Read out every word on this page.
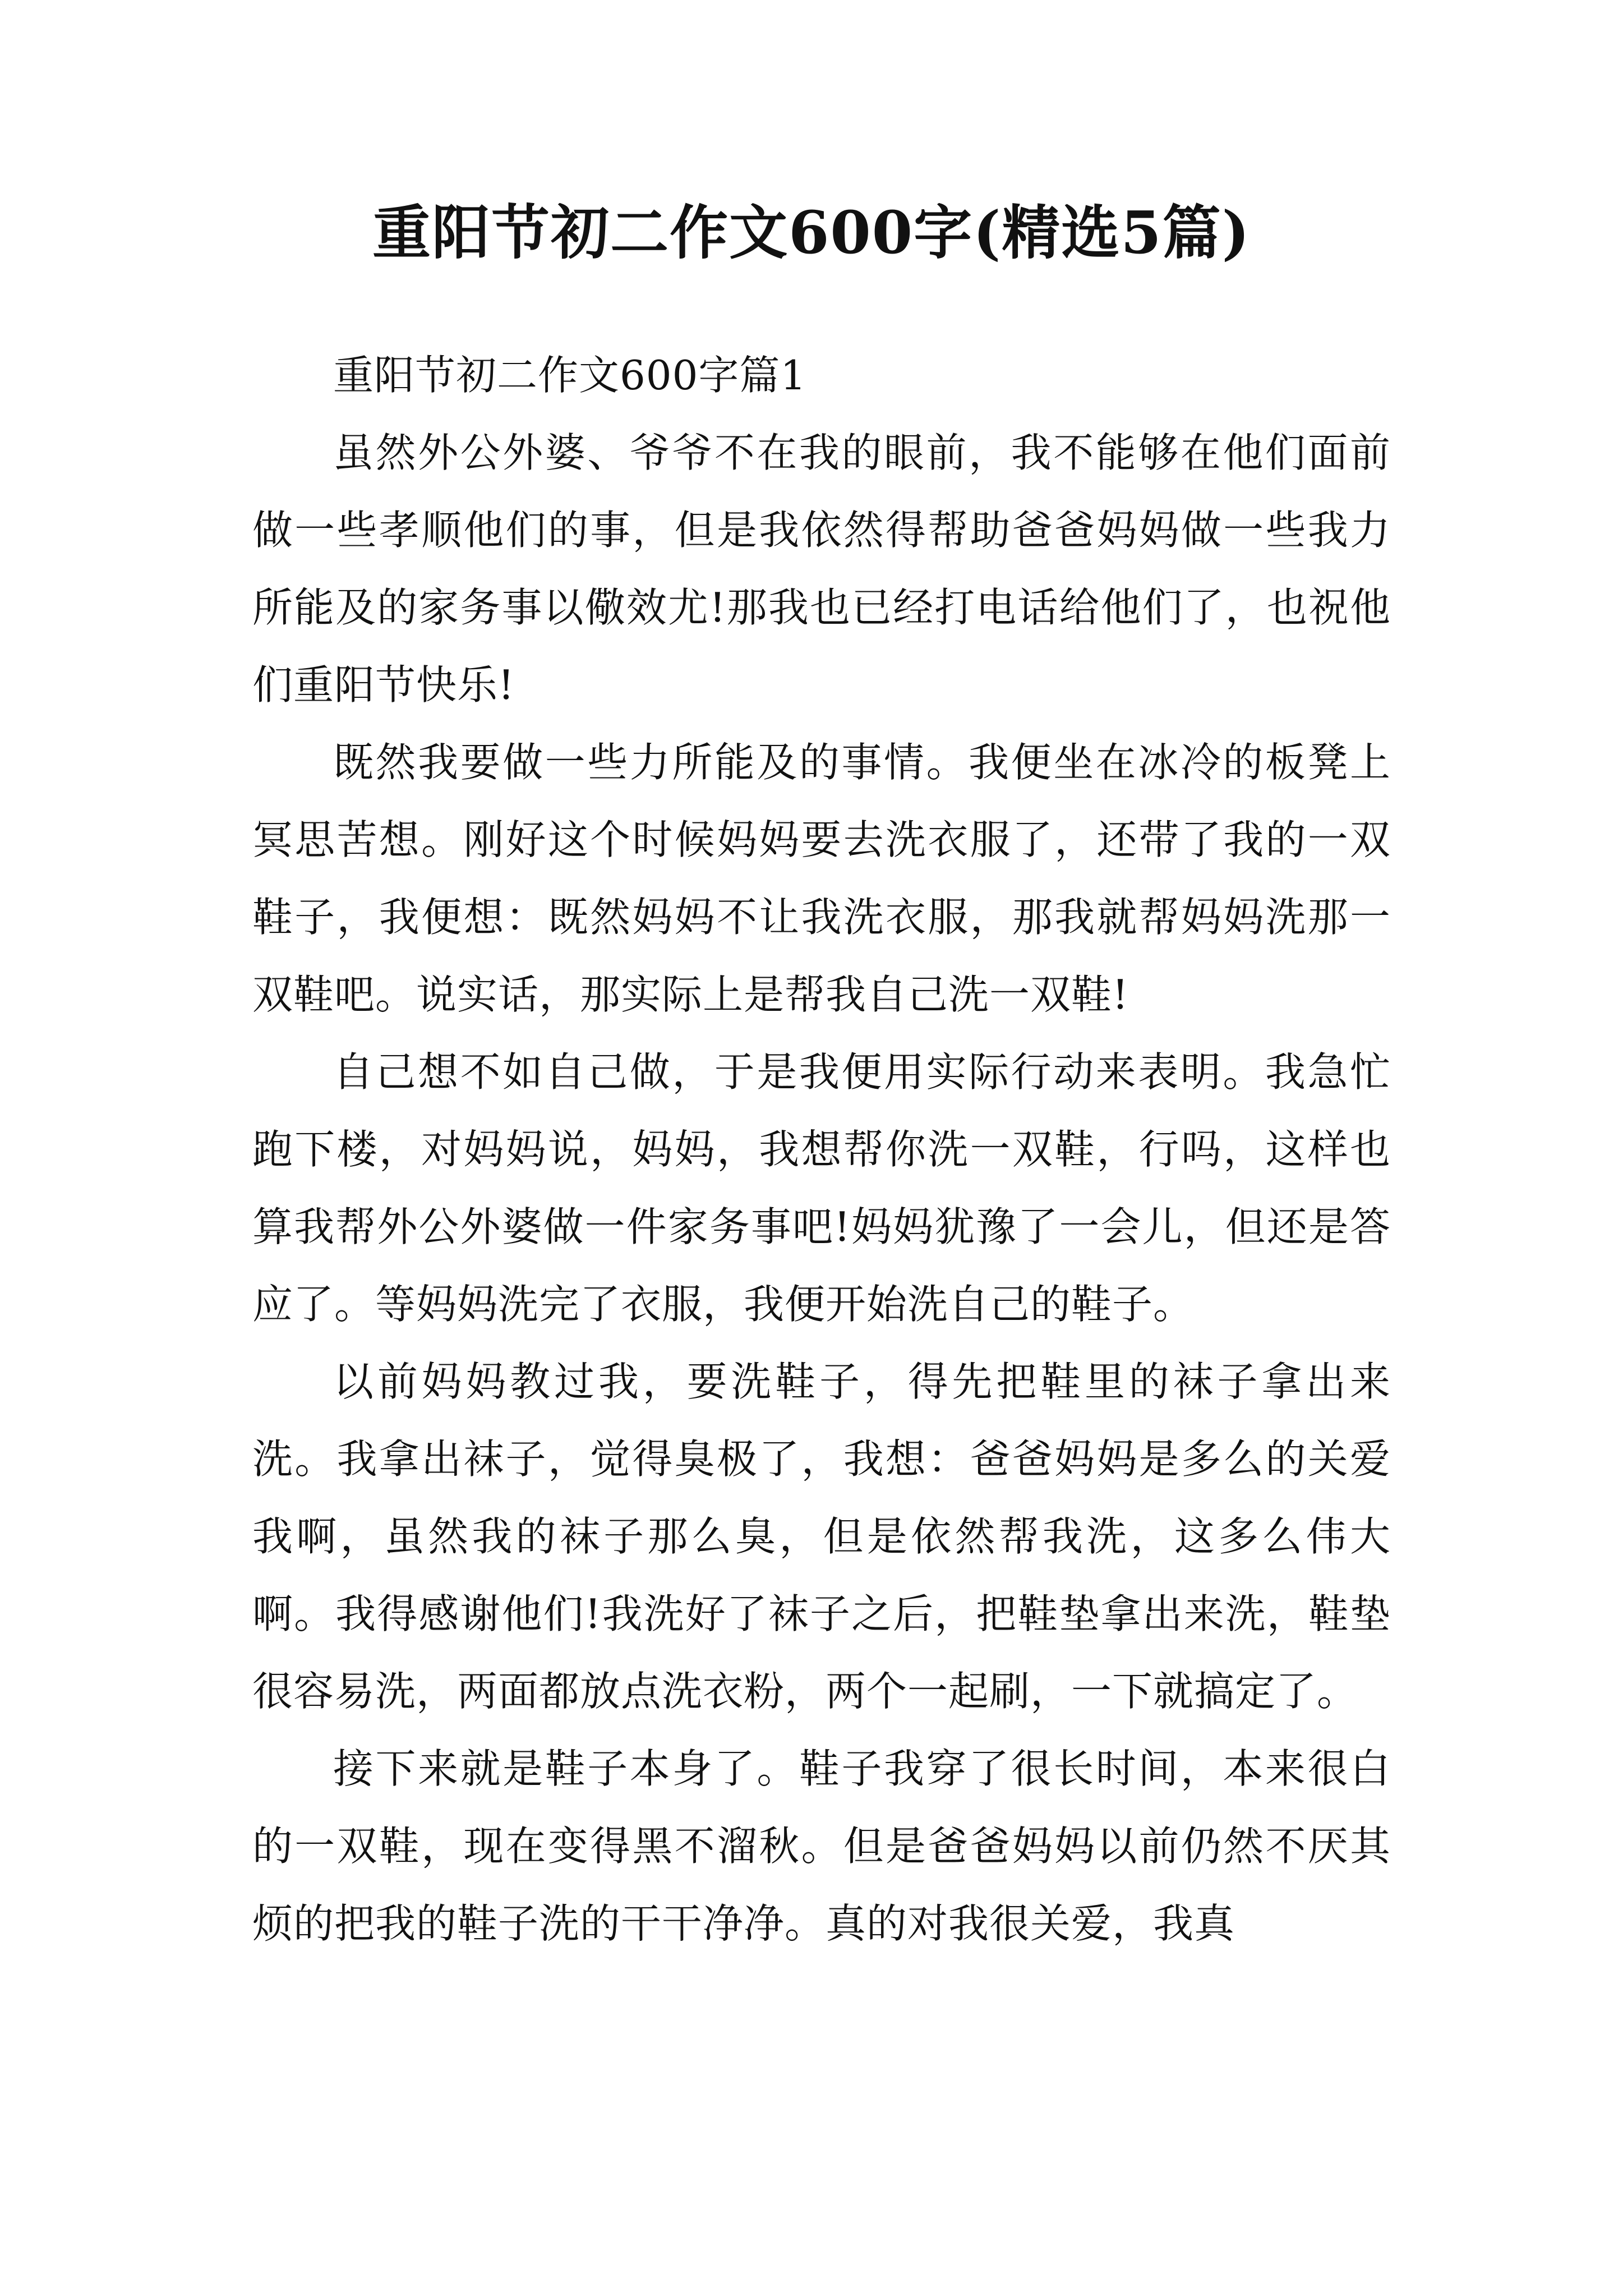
重阳节初二作文600字(精选5篇)

重阳节初二作文600字篇1

虽然外公外婆、爷爷不在我的眼前，我不能够在他们面前做一些孝顺他们的事，但是我依然得帮助爸爸妈妈做一些我力所能及的家务事以儆效尤!那我也已经打电话给他们了，也祝他们重阳节快乐!

既然我要做一些力所能及的事情。我便坐在冰冷的板凳上冥思苦想。刚好这个时候妈妈要去洗衣服了，还带了我的一双鞋子，我便想：既然妈妈不让我洗衣服，那我就帮妈妈洗那一双鞋吧。说实话，那实际上是帮我自己洗一双鞋!

自己想不如自己做，于是我便用实际行动来表明。我急忙跑下楼，对妈妈说，妈妈，我想帮你洗一双鞋，行吗，这样也算我帮外公外婆做一件家务事吧!妈妈犹豫了一会儿，但还是答应了。等妈妈洗完了衣服，我便开始洗自己的鞋子。

以前妈妈教过我，要洗鞋子，得先把鞋里的袜子拿出来洗。我拿出袜子，觉得臭极了，我想：爸爸妈妈是多么的关爱我啊，虽然我的袜子那么臭，但是依然帮我洗，这多么伟大啊。我得感谢他们!我洗好了袜子之后，把鞋垫拿出来洗，鞋垫很容易洗，两面都放点洗衣粉，两个一起刷，一下就搞定了。

接下来就是鞋子本身了。鞋子我穿了很长时间，本来很白的一双鞋，现在变得黑不溜秋。但是爸爸妈妈以前仍然不厌其烦的把我的鞋子洗的干干净净。真的对我很关爱，我真
